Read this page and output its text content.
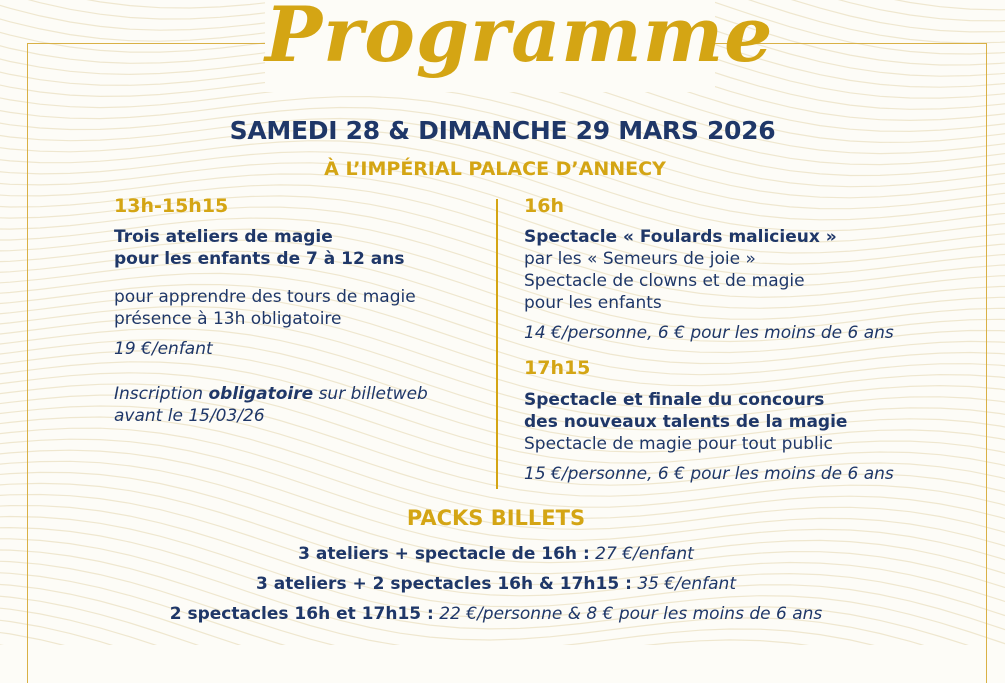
Programme
SAMEDI 28 & DIMANCHE 29 MARS 2026
À L’IMPÉRIAL PALACE D’ANNECY
13h-15h15
Trois ateliers de magie
pour les enfants de 7 à 12 ans
pour apprendre des tours de magie
présence à 13h obligatoire
19 €/enfant
Inscription obligatoire sur billetweb
avant le 15/03/26
16h
Spectacle « Foulards malicieux »
par les « Semeurs de joie »
Spectacle de clowns et de magie
pour les enfants
14 €/personne, 6 € pour les moins de 6 ans
17h15
Spectacle et finale du concours
des nouveaux talents de la magie
Spectacle de magie pour tout public
15 €/personne, 6 € pour les moins de 6 ans
PACKS BILLETS
3 ateliers + spectacle de 16h : 27 €/enfant
3 ateliers + 2 spectacles 16h & 17h15 : 35 €/enfant
2 spectacles 16h et 17h15 : 22 €/personne & 8 € pour les moins de 6 ans
